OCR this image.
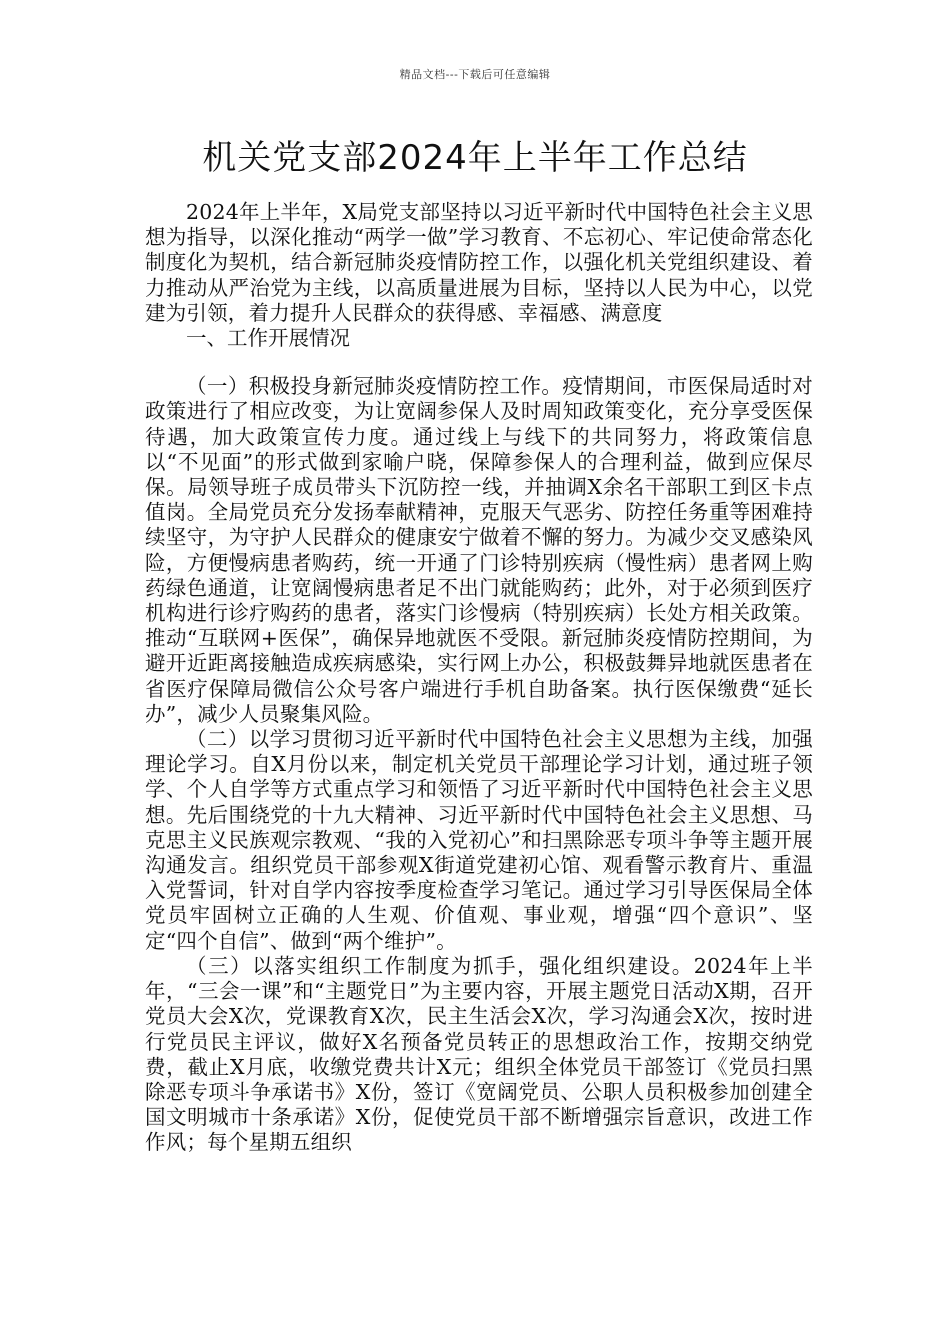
精品文档---下载后可任意编辑
机关党支部2024年上半年工作总结

2024年上半年，X局党支部坚持以习近平新时代中国特色社会主义思想为指导，以深化推动“两学一做”学习教育、不忘初心、牢记使命常态化制度化为契机，结合新冠肺炎疫情防控工作，以强化机关党组织建设、着力推动从严治党为主线，以高质量进展为目标，坚持以人民为中心，以党建为引领，着力提升人民群众的获得感、幸福感、满意度

一、工作开展情况

（一）积极投身新冠肺炎疫情防控工作。疫情期间，市医保局适时对政策进行了相应改变，为让宽阔参保人及时周知政策变化，充分享受医保待遇，加大政策宣传力度。通过线上与线下的共同努力，将政策信息以“不见面”的形式做到家喻户晓，保障参保人的合理利益，做到应保尽保。局领导班子成员带头下沉防控一线，并抽调X余名干部职工到区卡点值岗。全局党员充分发扬奉献精神，克服天气恶劣、防控任务重等困难持续坚守，为守护人民群众的健康安宁做着不懈的努力。为减少交叉感染风险，方便慢病患者购药，统一开通了门诊特别疾病（慢性病）患者网上购药绿色通道，让宽阔慢病患者足不出门就能购药；此外，对于必须到医疗机构进行诊疗购药的患者，落实门诊慢病（特别疾病）长处方相关政策。推动“互联网+医保”，确保异地就医不受限。新冠肺炎疫情防控期间，为避开近距离接触造成疾病感染，实行网上办公，积极鼓舞异地就医患者在省医疗保障局微信公众号客户端进行手机自助备案。执行医保缴费“延长办”，减少人员聚集风险。

（二）以学习贯彻习近平新时代中国特色社会主义思想为主线，加强理论学习。自X月份以来，制定机关党员干部理论学习计划，通过班子领学、个人自学等方式重点学习和领悟了习近平新时代中国特色社会主义思想。先后围绕党的十九大精神、习近平新时代中国特色社会主义思想、马克思主义民族观宗教观、“我的入党初心”和扫黑除恶专项斗争等主题开展沟通发言。组织党员干部参观X街道党建初心馆、观看警示教育片、重温入党誓词，针对自学内容按季度检查学习笔记。通过学习引导医保局全体党员牢固树立正确的人生观、价值观、事业观，增强“四个意识”、坚定“四个自信”、做到“两个维护”。

（三）以落实组织工作制度为抓手，强化组织建设。2024年上半年，“三会一课”和“主题党日”为主要内容，开展主题党日活动X期，召开党员大会X次，党课教育X次，民主生活会X次，学习沟通会X次，按时进行党员民主评议，做好X名预备党员转正的思想政治工作，按期交纳党费，截止X月底，收缴党费共计X元；组织全体党员干部签订《党员扫黑除恶专项斗争承诺书》X份，签订《宽阔党员、公职人员积极参加创建全国文明城市十条承诺》X份，促使党员干部不断增强宗旨意识，改进工作作风；每个星期五组织
